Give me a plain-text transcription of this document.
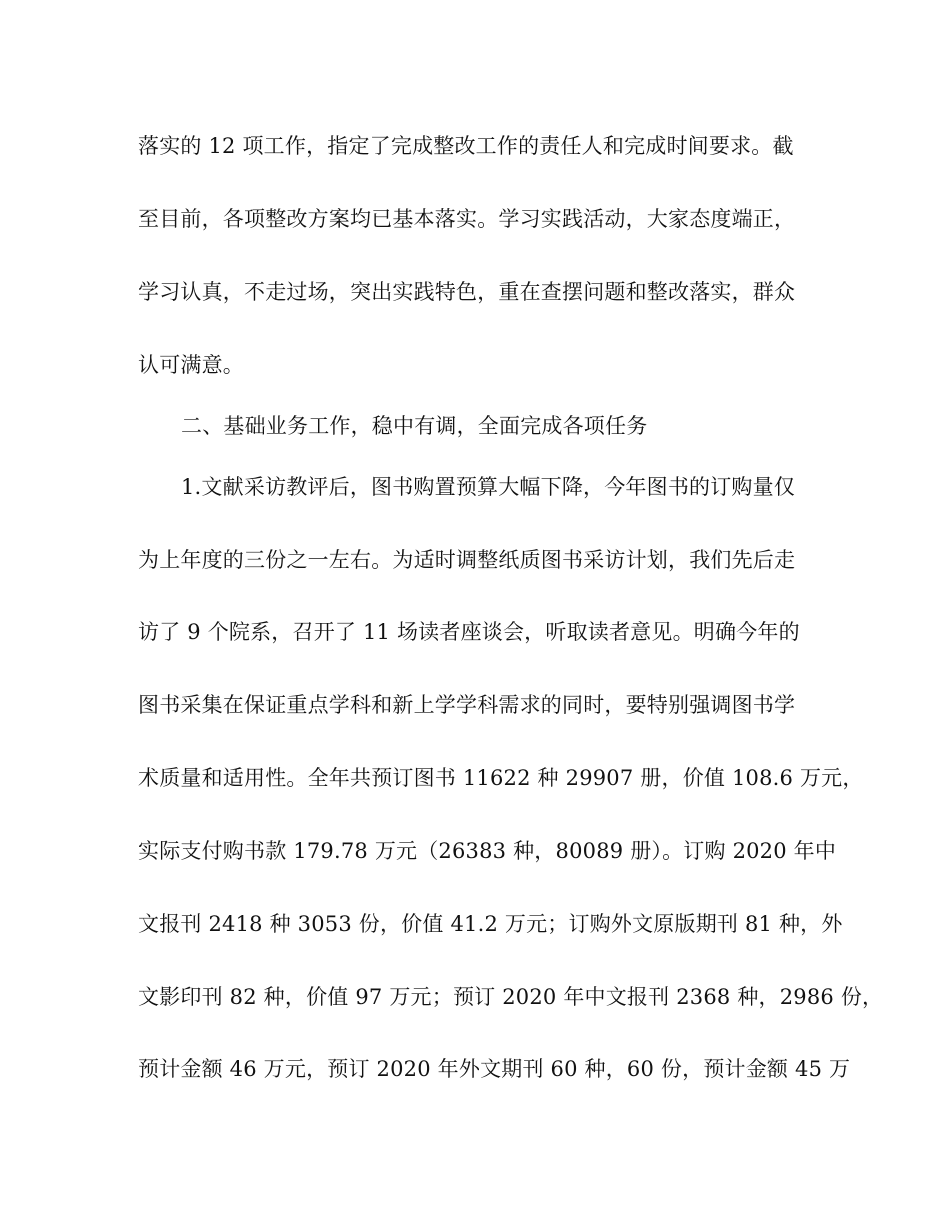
落实的 12 项工作，指定了完成整改工作的责任人和完成时间要求。截
至目前，各项整改方案均已基本落实。学习实践活动，大家态度端正，
学习认真，不走过场，突出实践特色，重在查摆问题和整改落实，群众
认可满意。
二、基础业务工作，稳中有调，全面完成各项任务
1.文献采访教评后，图书购置预算大幅下降，今年图书的订购量仅
为上年度的三份之一左右。为适时调整纸质图书采访计划，我们先后走
访了 9 个院系，召开了 11 场读者座谈会，听取读者意见。明确今年的
图书采集在保证重点学科和新上学学科需求的同时，要特别强调图书学
术质量和适用性。全年共预订图书 11622 种 29907 册，价值 108.6 万元，
实际支付购书款 179.78 万元（26383 种，80089 册）。订购 2020 年中
文报刊 2418 种 3053 份，价值 41.2 万元；订购外文原版期刊 81 种，外
文影印刊 82 种，价值 97 万元；预订 2020 年中文报刊 2368 种，2986 份，
预计金额 46 万元，预订 2020 年外文期刊 60 种，60 份，预计金额 45 万
